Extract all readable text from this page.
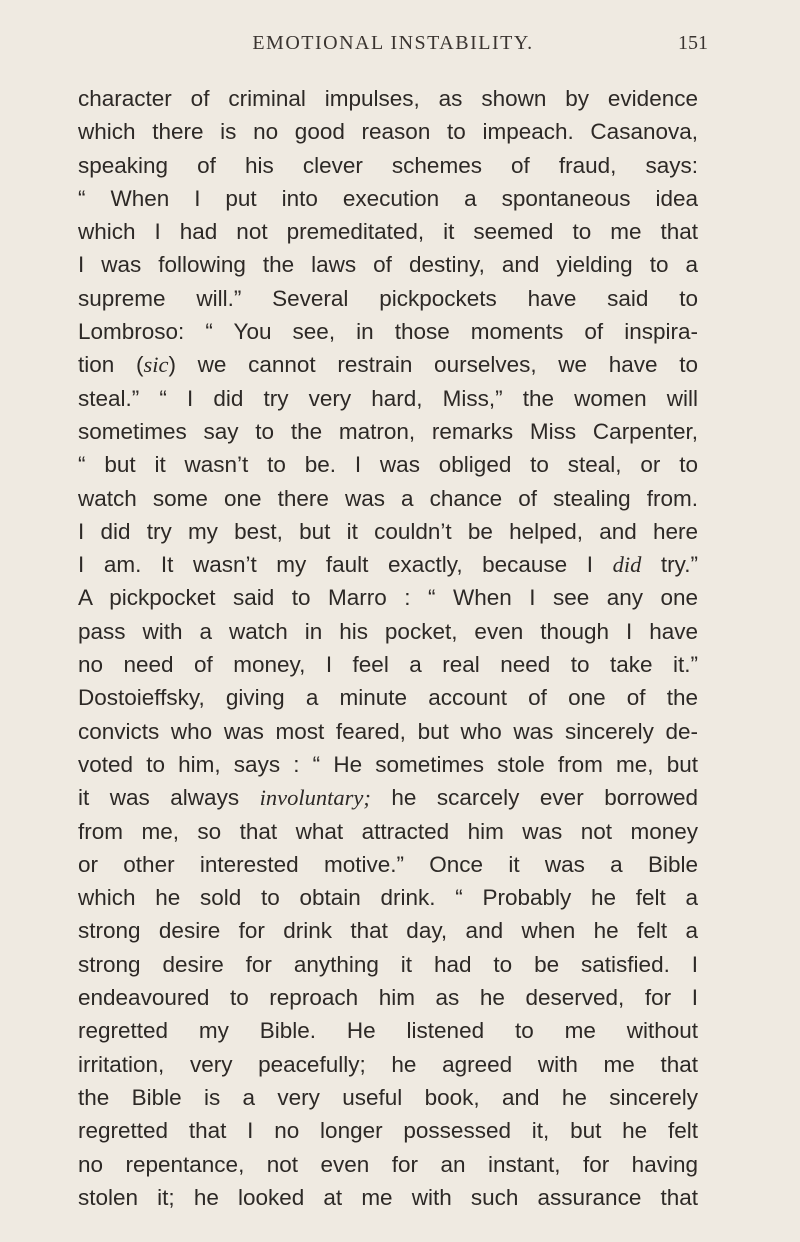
EMOTIONAL INSTABILITY.	151
character of criminal impulses, as shown by evidence
which there is no good reason to impeach. Casanova,
speaking of his clever schemes of fraud, says:
“ When I put into execution a spontaneous idea
which I had not premeditated, it seemed to me that
I was following the laws of destiny, and yielding to a
supreme will.” Several pickpockets have said to
Lombroso: “ You see, in those moments of inspira-
tion (sic) we cannot restrain ourselves, we have to
steal.” “ I did try very hard, Miss,” the women will
sometimes say to the matron, remarks Miss Carpenter,
“ but it wasn’t to be. I was obliged to steal, or to
watch some one there was a chance of stealing from.
I did try my best, but it couldn’t be helped, and here
I am. It wasn’t my fault exactly, because I did try.”
A pickpocket said to Marro : “ When I see any one
pass with a watch in his pocket, even though I have
no need of money, I feel a real need to take it.”
Dostoieffsky, giving a minute account of one of the
convicts who was most feared, but who was sincerely de-
voted to him, says : “ He sometimes stole from me, but
it was always involuntary; he scarcely ever borrowed
from me, so that what attracted him was not money
or other interested motive.” Once it was a Bible
which he sold to obtain drink. “ Probably he felt a
strong desire for drink that day, and when he felt a
strong desire for anything it had to be satisfied. I
endeavoured to reproach him as he deserved, for I
regretted my Bible. He listened to me without
irritation, very peacefully; he agreed with me that
the Bible is a very useful book, and he sincerely
regretted that I no longer possessed it, but he felt
no repentance, not even for an instant, for having
stolen it; he looked at me with such assurance that
